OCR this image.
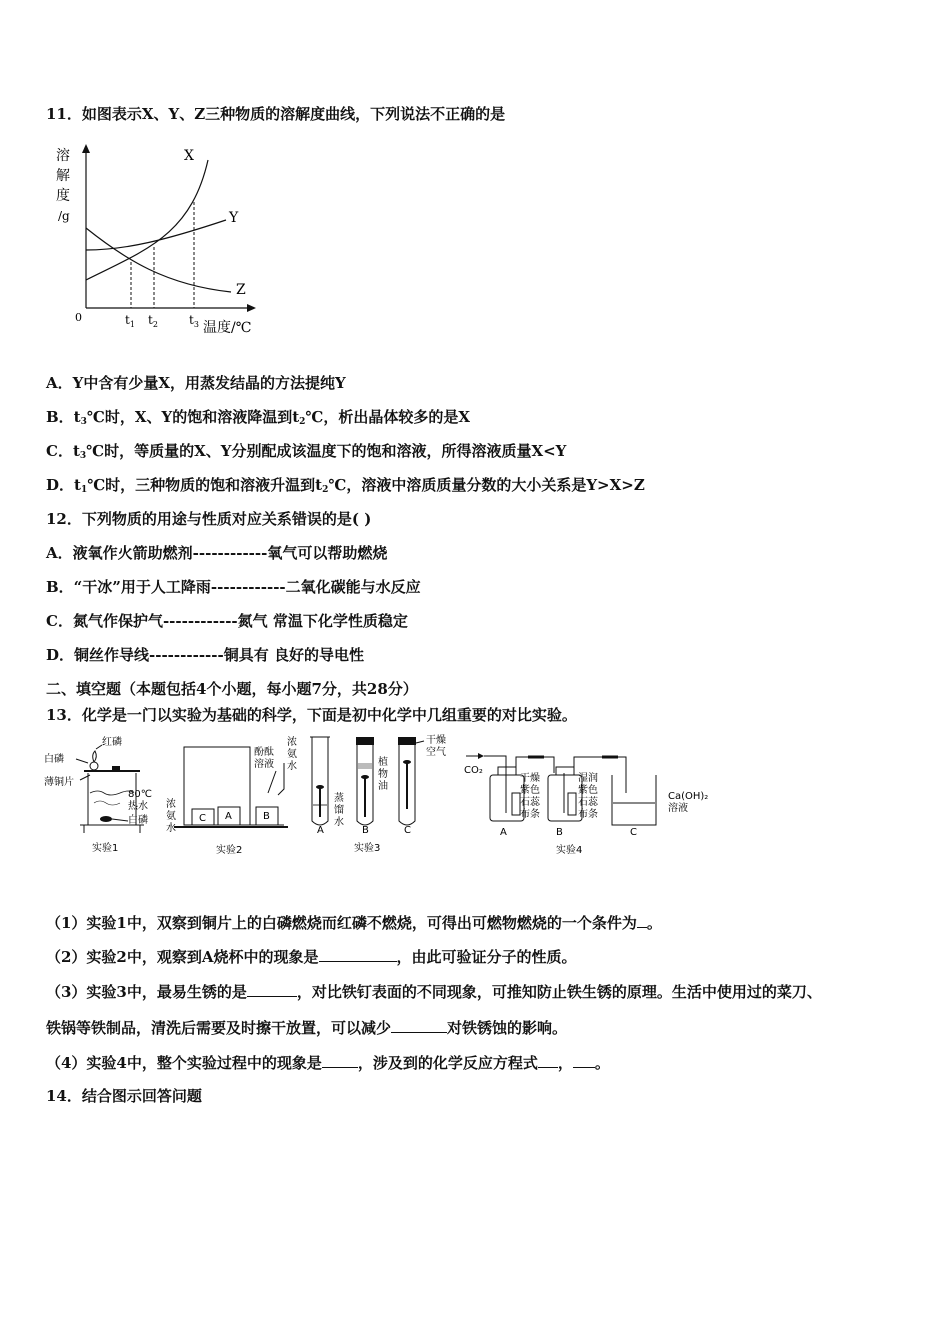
11．如图表示X、Y、Z三种物质的溶解度曲线，下列说法不正确的是
溶
解
度
/g
0
X
Y
Z
$t_1$ $t_2$	$t_3$ 温度/℃
A．Y中含有少量X，用蒸发结晶的方法提纯Y
B．$t_3℃$时，X、Y的饱和溶液降温到$t_2℃$，析出晶体较多的是X
C．$t_3℃$时，等质量的X、Y分别配成该温度下的饱和溶液，所得溶液质量X<Y
D．$t_1℃$时，三种物质的饱和溶液升温到$t_2℃$，溶液中溶质质量分数的大小关系是Y>X>Z
12．下列物质的用途与性质对应关系错误的是( )
A．液氧作火箭助燃剂------------氧气可以帮助燃烧
B．“干冰”用于人工降雨------------二氧化碳能与水反应
C．氮气作保护气------------氮气 常温下化学性质稳定
D．铜丝作导线------------铜具有 良好的导电性
二、填空题（本题包括4个小题，每小题7分，共28分）
13．化学是一门以实验为基础的科学，下面是初中化学中几组重要的对比实验。
红磷
白磷
薄铜片
80℃
热水
白磷
实验1
浓
氨
水
酚酞
溶液
浓
氨
水
C A	B
实验2
A
蒸
馏
水
B
植
物
油
C
干燥
空气
实验3
CO₂
干燥
紫色
石蕊
布条
A
湿润
紫色
石蕊
布条
B	C
Ca(OH)₂
溶液
实验4
（1）实验1中，双察到铜片上的白磷燃烧而红磷不燃烧，可得出可燃物燃烧的一个条件为 。
（2）实验2中，观察到A烧杯中的现象是	，由此可验证分子的性质。
（3）实验3中，最易生锈的是	，对比铁钉表面的不同现象，可推知防止铁生锈的原理。生活中使用过的菜刀、
铁锅等铁制品，清洗后需要及时擦干放置，可以减少	对铁锈蚀的影响。
（4）实验4中，整个实验过程中的现象是 ，涉及到的化学反应方程式 ， 。
14．结合图示回答问题
